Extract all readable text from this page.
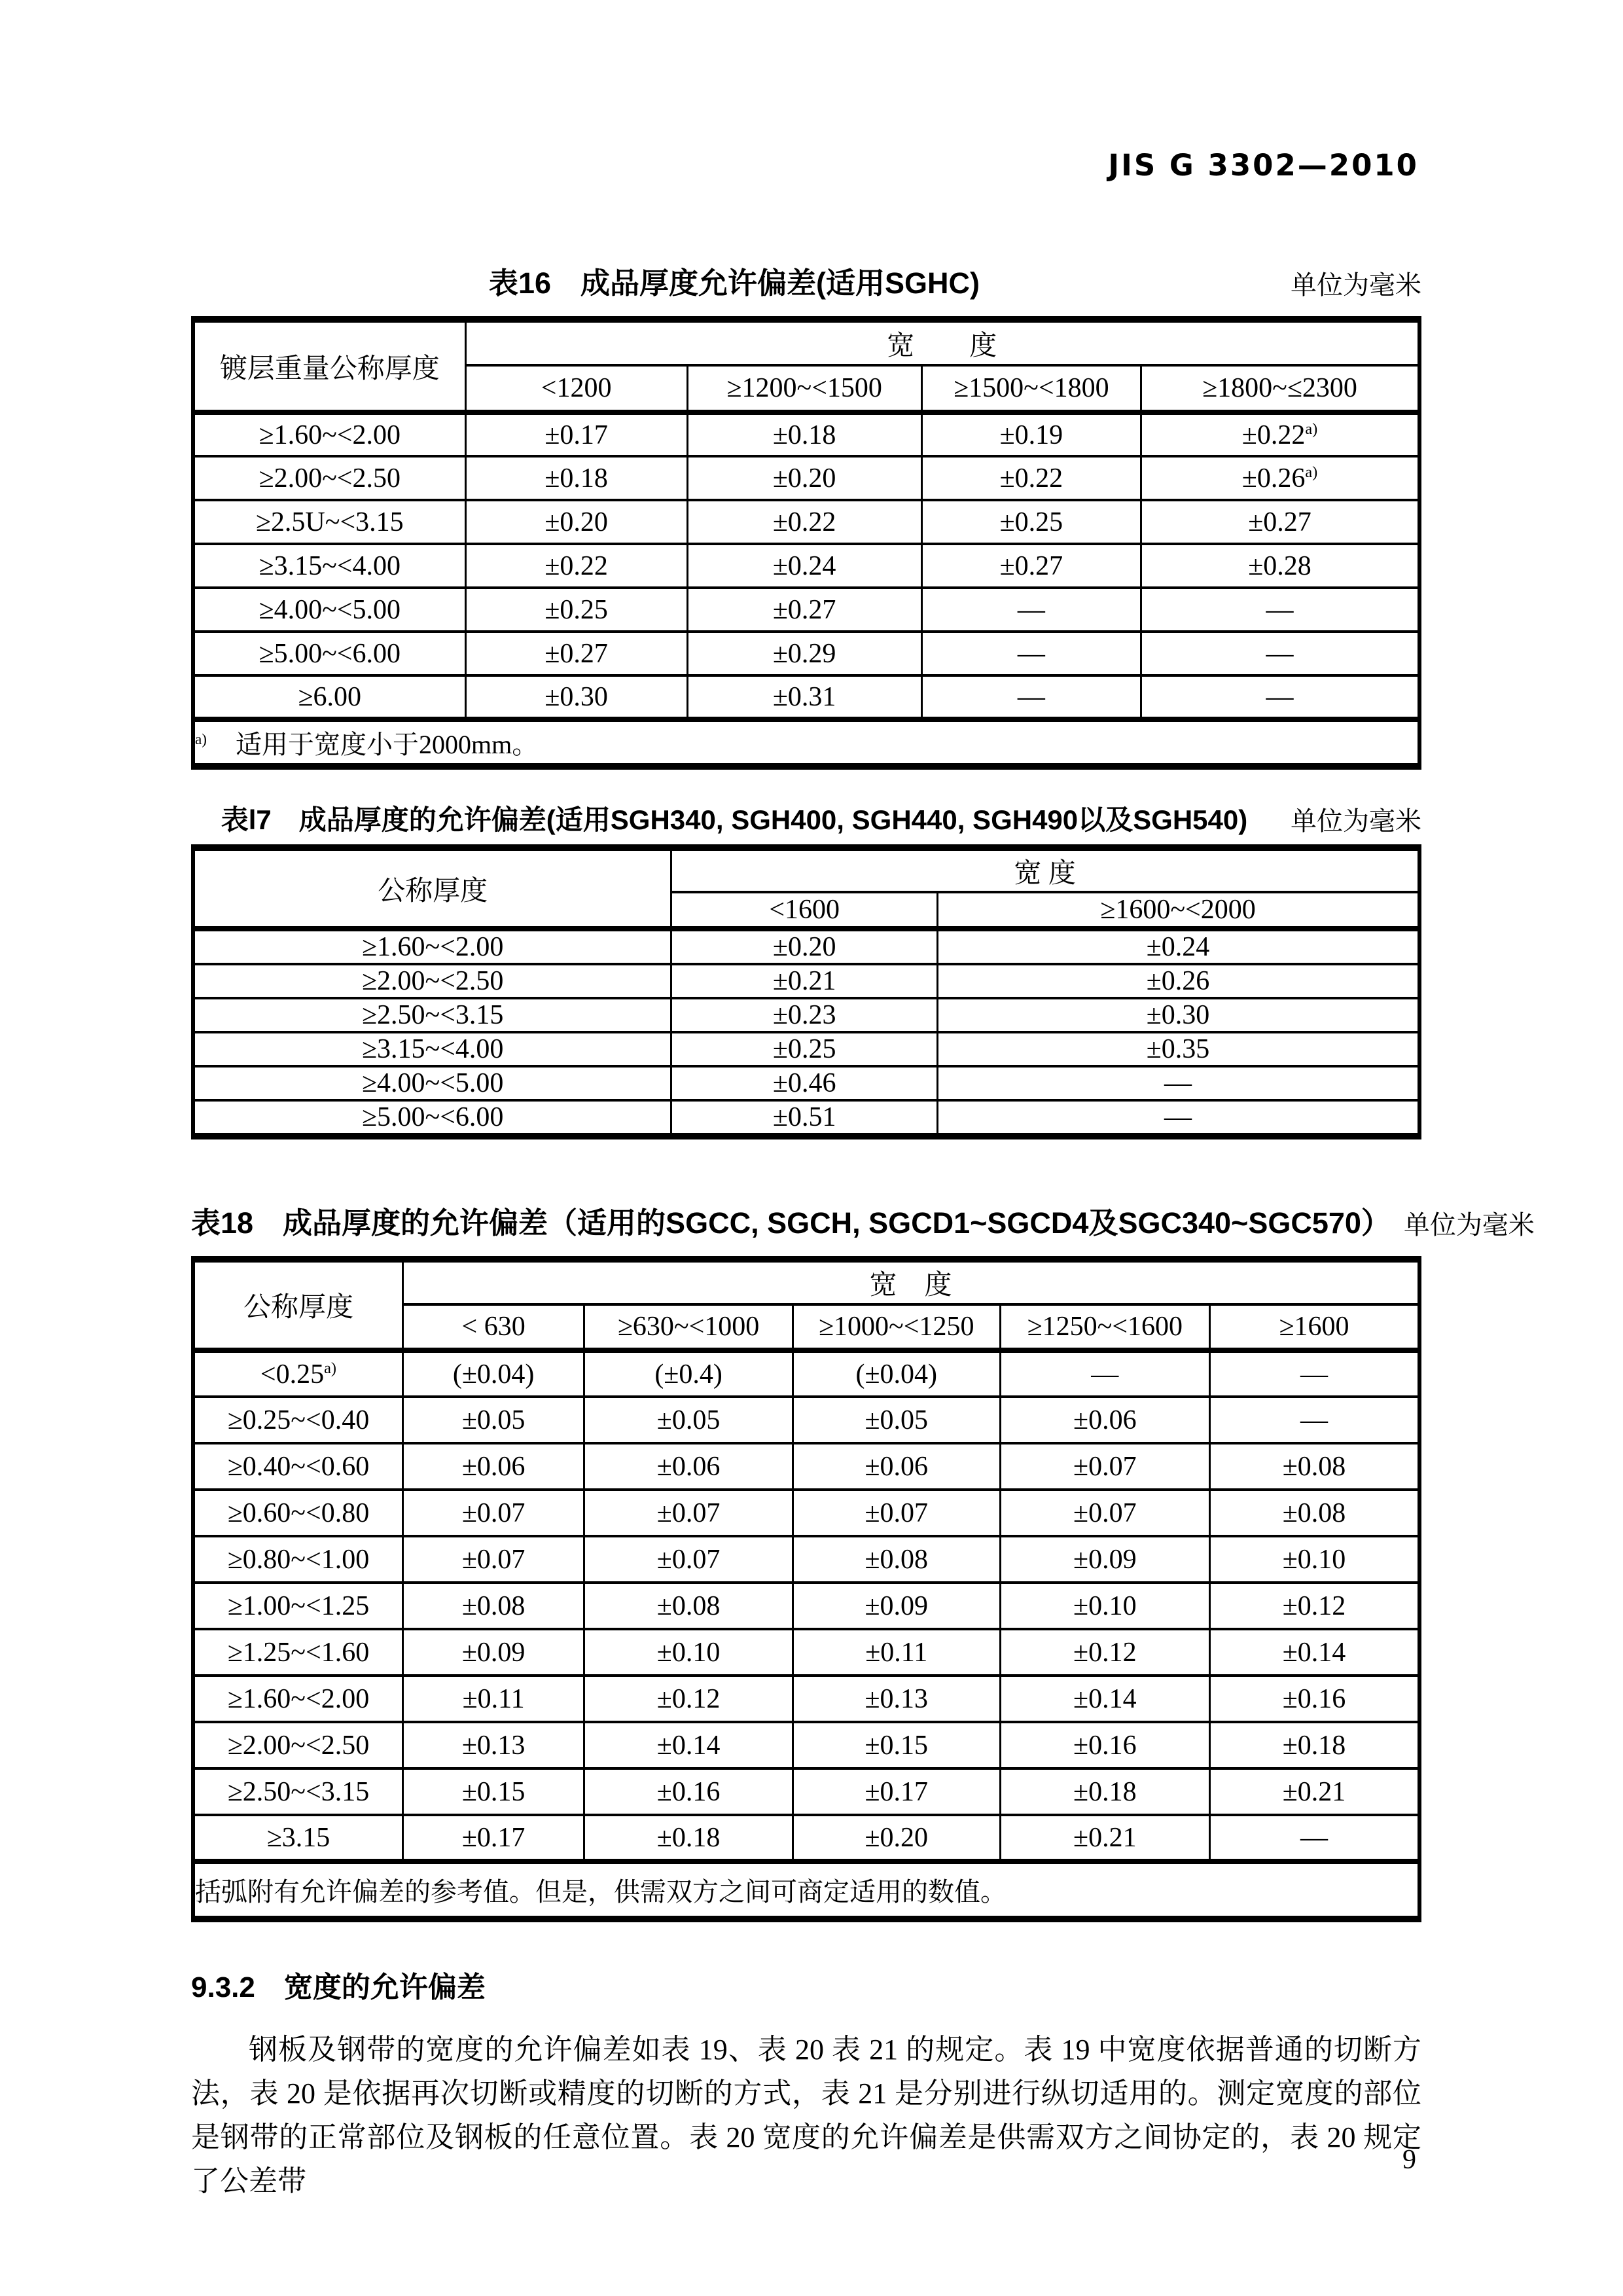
JIS G 3302—2010
表16　成品厚度允许偏差(适用SGHC)	单位为毫米
镀层重量公称厚度	宽　　度			
	<1200	≥1200~<1500	≥1500~<1800	≥1800~≤2300
≥1.60~<2.00	±0.17	±0.18	±0.19	$\pm 0.22^{a)}$
≥2.00~<2.50	±0.18	±0.20	±0.22	$\pm 0.26^{a)}$
≥2.5U~<3.15	±0.20	±0.22	±0.25	±0.27
≥3.15~<4.00	±0.22	±0.24	±0.27	±0.28
≥4.00~<5.00	±0.25	±0.27	—	—
≥5.00~<6.00	±0.27	±0.29	—	—
≥6.00	±0.30	±0.31	—	—
$^{a)}$ 适用于宽度小于2000mm。				
表l7　成品厚度的允许偏差(适用SGH340, SGH400, SGH440, SGH490以及SGH540)	单位为毫米
公称厚度	宽 度	
	<1600	≥1600~<2000
≥1.60~<2.00	±0.20	±0.24
≥2.00~<2.50	±0.21	±0.26
≥2.50~<3.15	±0.23	±0.30
≥3.15~<4.00	±0.25	±0.35
≥4.00~<5.00	±0.46	—
≥5.00~<6.00	±0.51	—
表18　成品厚度的允许偏差（适用的SGCC, SGCH, SGCD1~SGCD4及SGC340~SGC570） 单位为毫米
公称厚度	宽　度				
	< 630	≥630~<1000	≥1000~<1250	≥1250~<1600	≥1600
$<0.25^{a)}$	(±0.04)	(±0.4)	(±0.04)	—	—
≥0.25~<0.40	±0.05	±0.05	±0.05	±0.06	—
≥0.40~<0.60	±0.06	±0.06	±0.06	±0.07	±0.08
≥0.60~<0.80	±0.07	±0.07	±0.07	±0.07	±0.08
≥0.80~<1.00	±0.07	±0.07	±0.08	±0.09	±0.10
≥1.00~<1.25	±0.08	±0.08	±0.09	±0.10	±0.12
≥1.25~<1.60	±0.09	±0.10	±0.11	±0.12	±0.14
≥1.60~<2.00	±0.11	±0.12	±0.13	±0.14	±0.16
≥2.00~<2.50	±0.13	±0.14	±0.15	±0.16	±0.18
≥2.50~<3.15	±0.15	±0.16	±0.17	±0.18	±0.21
≥3.15	±0.17	±0.18	±0.20	±0.21	—
括弧附有允许偏差的参考值。但是，供需双方之间可商定适用的数值。					
9.3.2　宽度的允许偏差

钢板及钢带的宽度的允许偏差如表 19、表 20 表 21 的规定。表 19 中宽度依据普通的切断方法，表 20 是依据再次切断或精度的切断的方式，表 21 是分别进行纵切适用的。测定宽度的部位是钢带的正常部位及钢板的任意位置。表 20 宽度的允许偏差是供需双方之间协定的，表 20 规定了公差带

9
